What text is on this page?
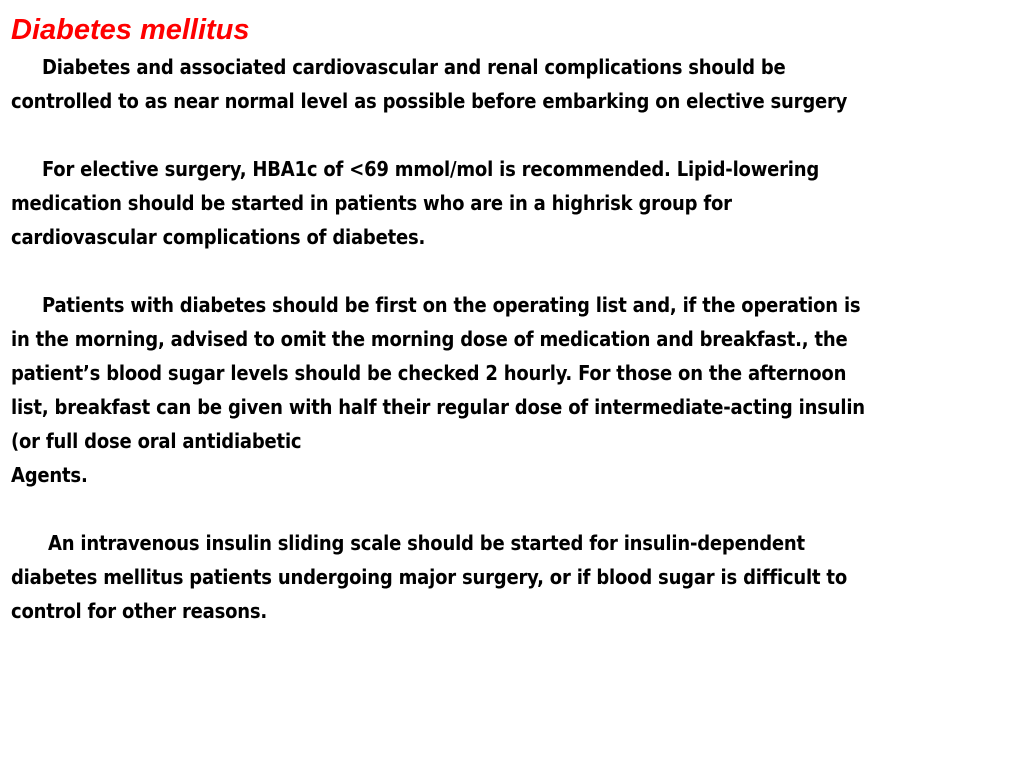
Diabetes mellitus
Diabetes and associated cardiovascular and renal complications should be
controlled to as near normal level as possible before embarking on elective surgery
For elective surgery, HBA1c of <69 mmol/mol is recommended. Lipid-lowering
medication should be started in patients who are in a highrisk group for
cardiovascular complications of diabetes.
Patients with diabetes should be first on the operating list and, if the operation is
in the morning, advised to omit the morning dose of medication and breakfast., the
patient’s blood sugar levels should be checked 2 hourly. For those on the afternoon
list, breakfast can be given with half their regular dose of intermediate-acting insulin
(or full dose oral antidiabetic
Agents.
An intravenous insulin sliding scale should be started for insulin-dependent
diabetes mellitus patients undergoing major surgery, or if blood sugar is difficult to
control for other reasons.
